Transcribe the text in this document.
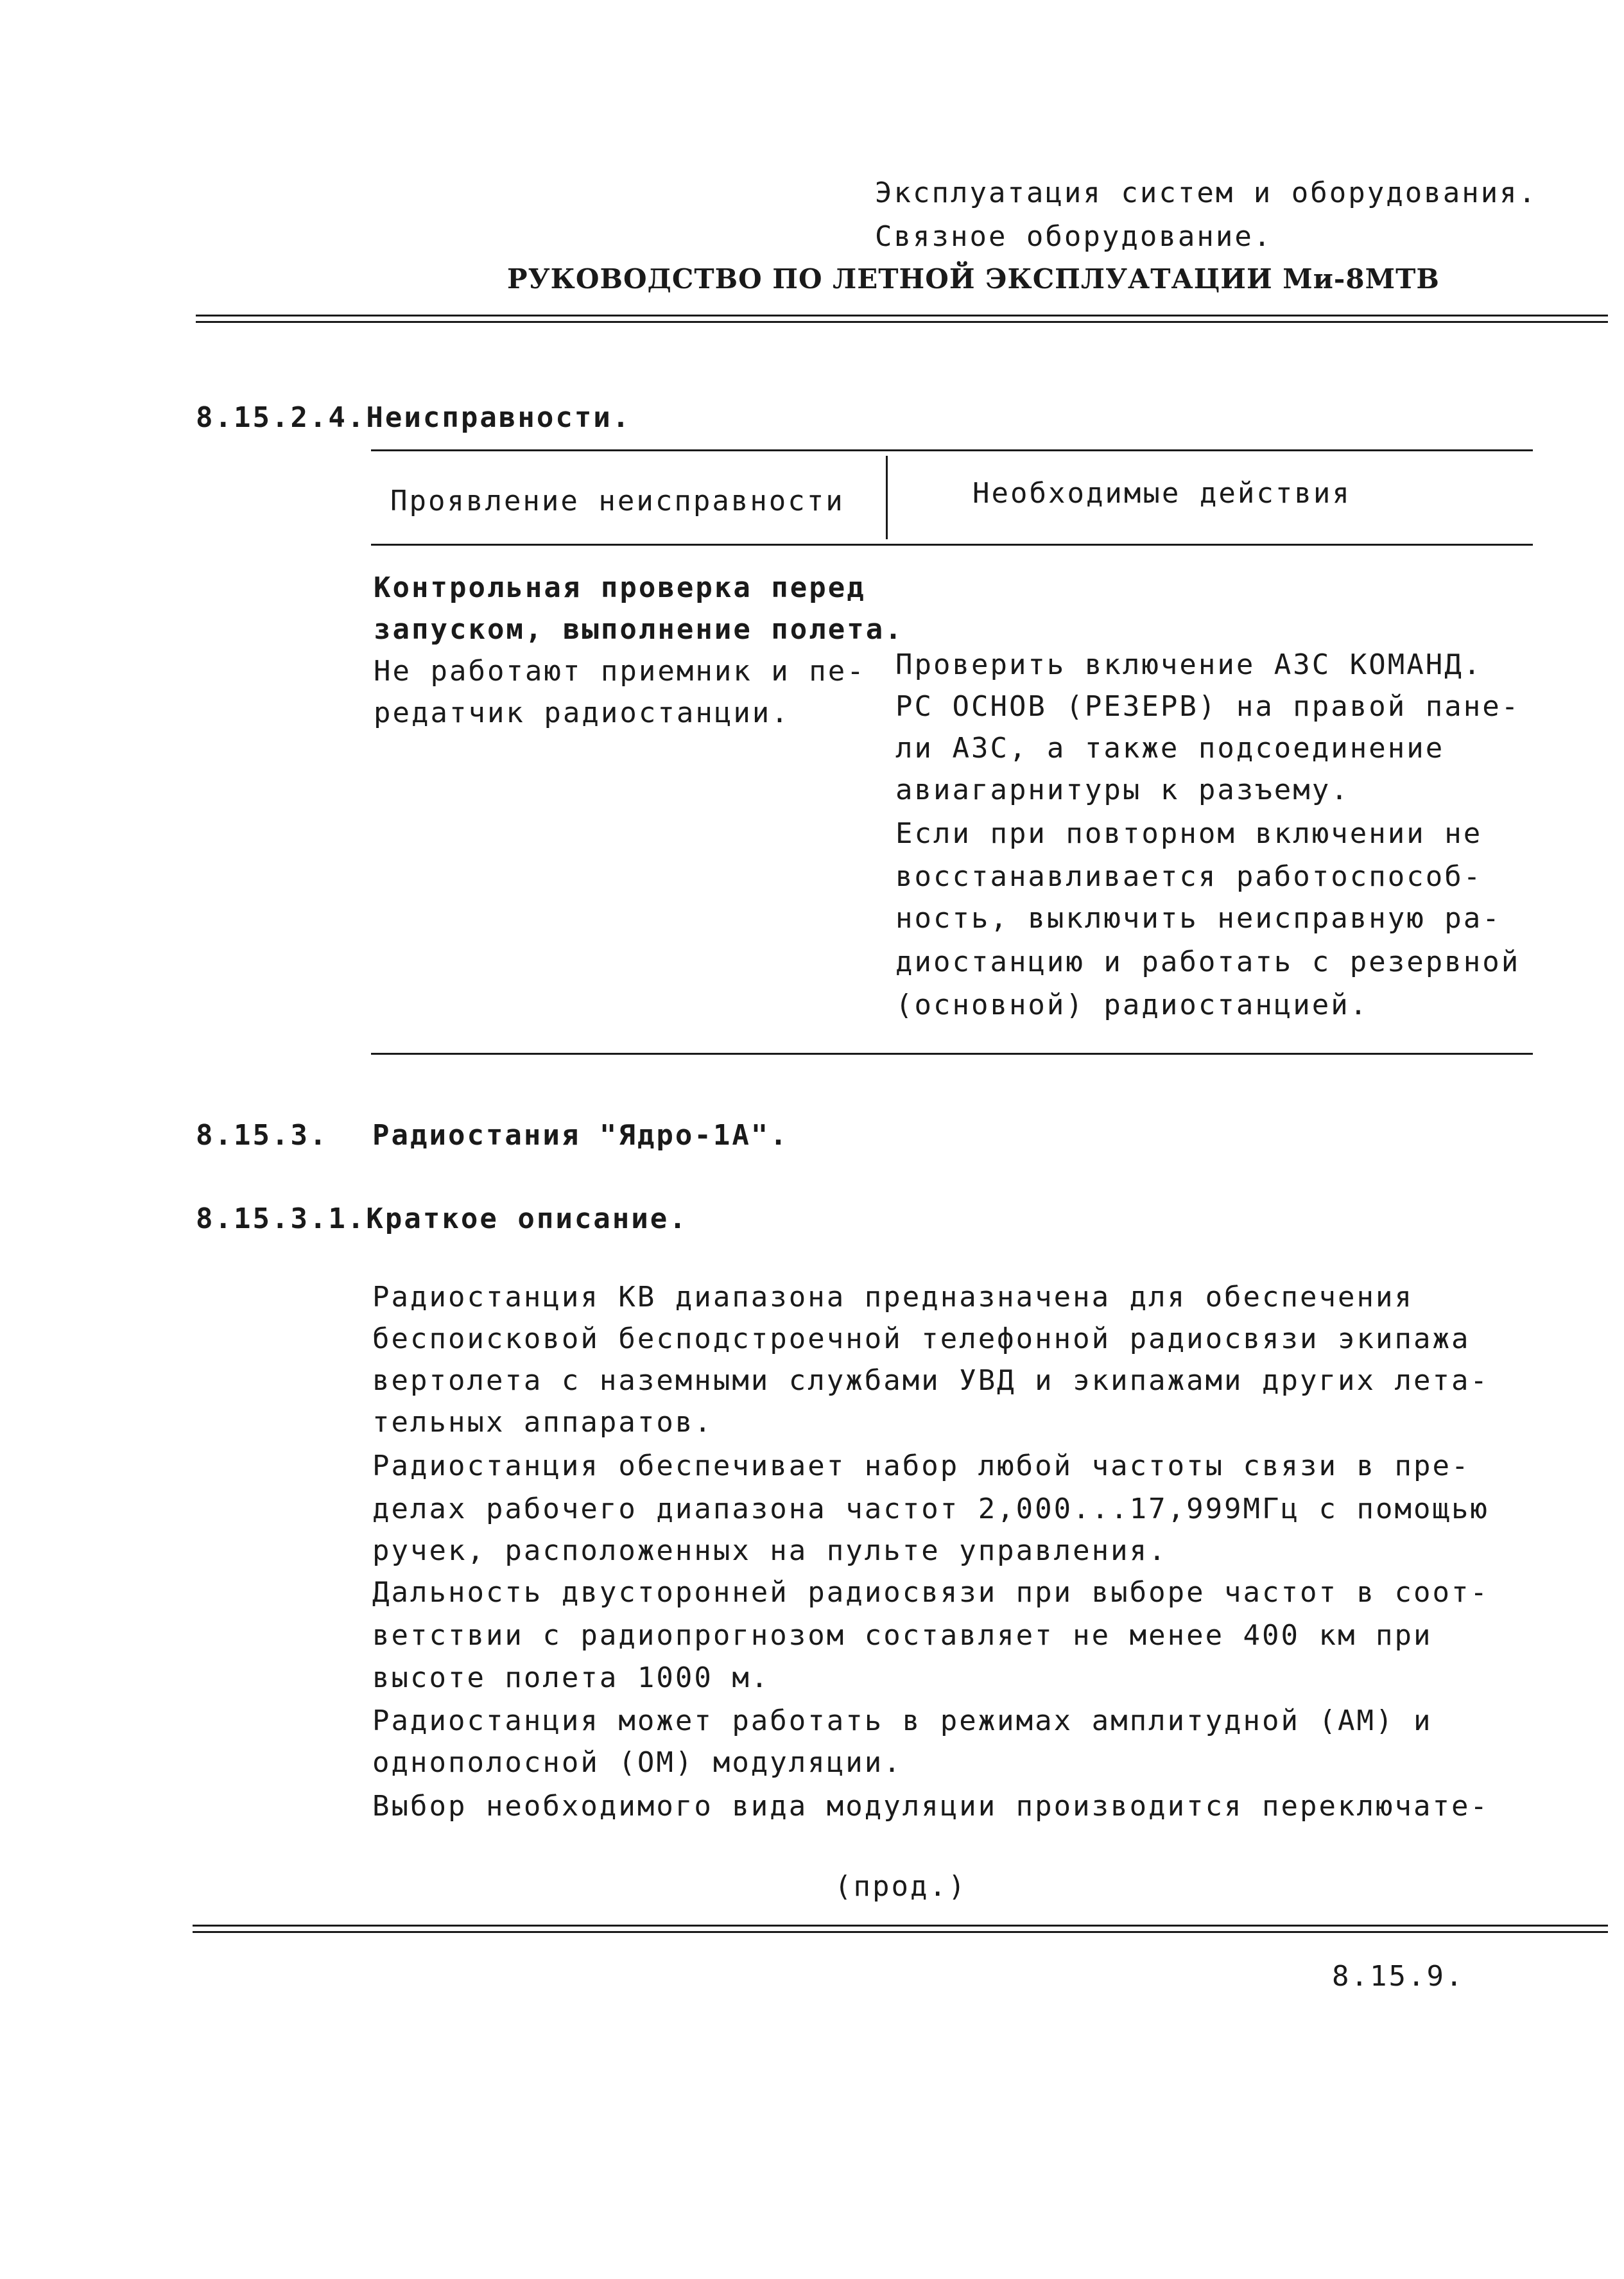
Эксплуатация систем и оборудования.
Связное оборудование.
РУКОВОДСТВО ПО ЛЕТНОЙ ЭКСПЛУАТАЦИИ Ми-8МТВ
8.15.2.4.Неисправности.
Проявление неисправности	Необходимые действия
Контрольная проверка перед
запуском, выполнение полета.
Не работают приемник и пе-
редатчик радиостанции.
Проверить включение АЗС КОМАНД.
РС ОСНОВ (РЕЗЕРВ) на правой пане-
ли АЗС, а также подсоединение
авиагарнитуры к разъему.
Если при повторном включении не
восстанавливается работоспособ-
ность, выключить неисправную ра-
диостанцию и работать с резервной
(основной) радиостанцией.
8.15.3. Радиостания "Ядро-1А".
8.15.3.1.Краткое описание.
Радиостанция КВ диапазона предназначена для обеспечения
беспоисковой бесподстроечной телефонной радиосвязи экипажа
вертолета с наземными службами УВД и экипажами других лета-
тельных аппаратов.
Радиостанция обеспечивает набор любой частоты связи в пре-
делах рабочего диапазона частот 2,000...17,999МГц с помощью
ручек, расположенных на пульте управления.
Дальность двусторонней радиосвязи при выборе частот в соот-
ветствии с радиопрогнозом составляет не менее 400 км при
высоте полета 1000 м.
Радиостанция может работать в режимах амплитудной (АМ) и
однополосной (ОМ) модуляции.
Выбор необходимого вида модуляции производится переключате-
(прод.)
8.15.9.
